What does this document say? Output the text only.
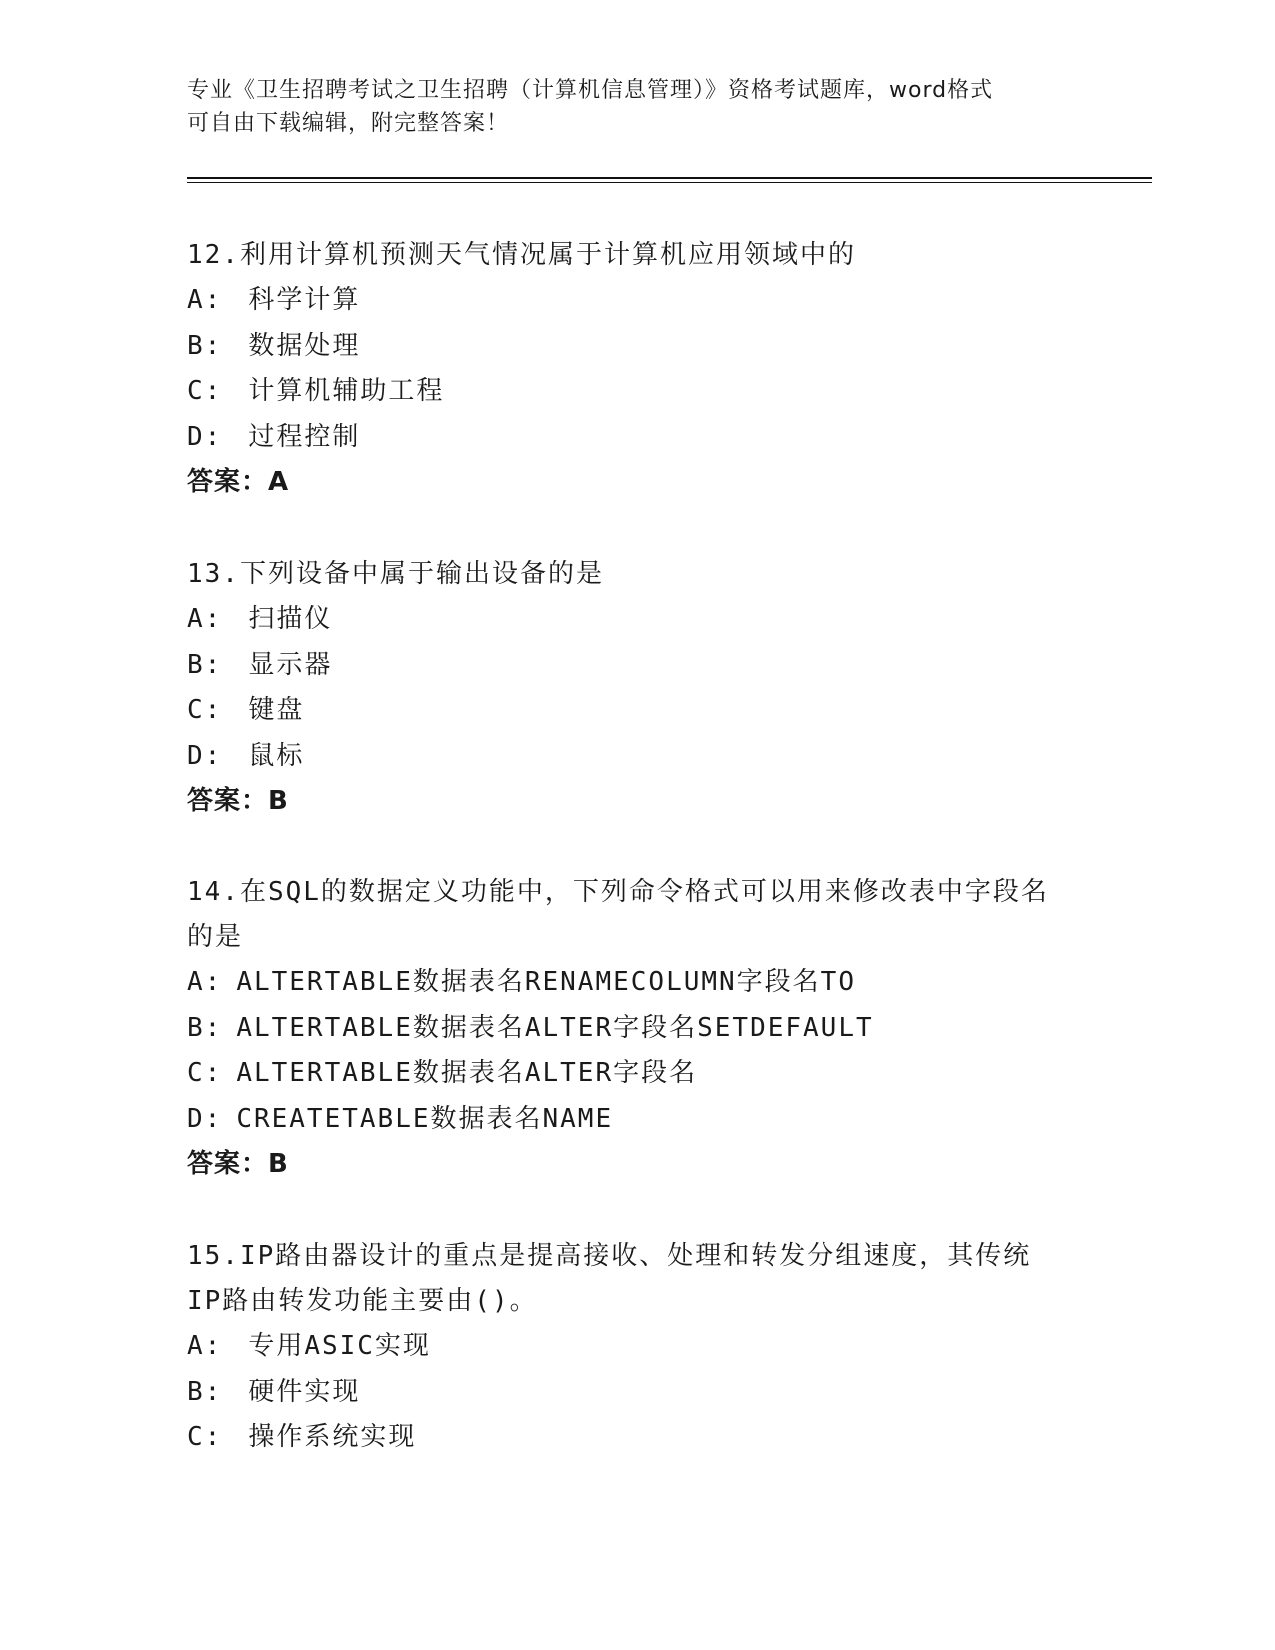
专业《卫生招聘考试之卫生招聘（计算机信息管理）》资格考试题库，word格式

可自由下载编辑，附完整答案！

12.利用计算机预测天气情况属于计算机应用领域中的

A: 科学计算

B: 数据处理

C: 计算机辅助工程

D: 过程控制

答案：A

13.下列设备中属于输出设备的是

A: 扫描仪

B: 显示器

C: 键盘

D: 鼠标

答案：B

14.在SQL的数据定义功能中，下列命令格式可以用来修改表中字段名

的是

A: ALTERTABLE数据表名RENAMECOLUMN字段名TO

B: ALTERTABLE数据表名ALTER字段名SETDEFAULT

C: ALTERTABLE数据表名ALTER字段名

D: CREATETABLE数据表名NAME

答案：B

15.IP路由器设计的重点是提高接收、处理和转发分组速度，其传统

IP路由转发功能主要由()。

A: 专用ASIC实现

B: 硬件实现

C: 操作系统实现
